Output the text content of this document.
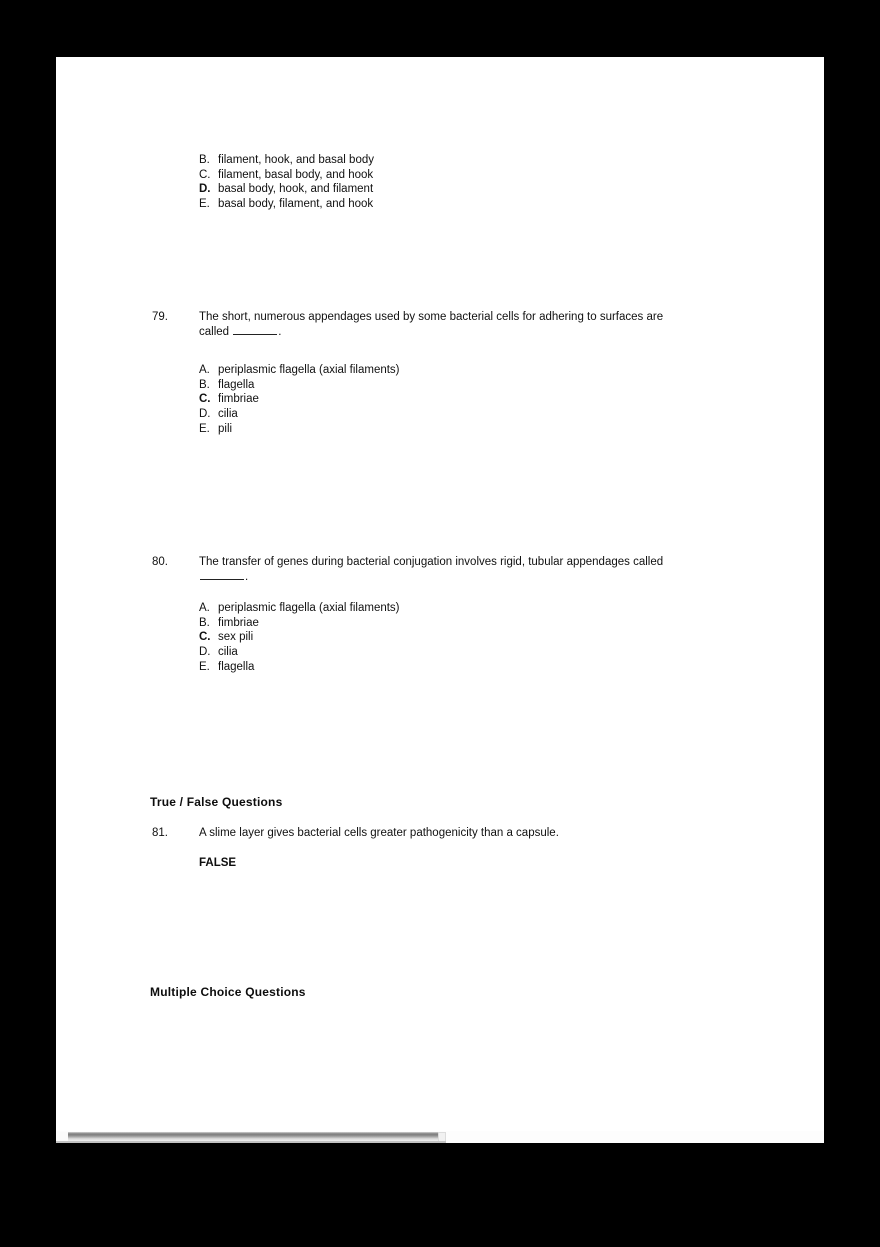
B. filament, hook, and basal body
C. filament, basal body, and hook
D. basal body, hook, and filament
E. basal body, filament, and hook
79.	The short, numerous appendages used by some bacterial cells for adhering to surfaces are
called	.
A. periplasmic flagella (axial filaments)
B. flagella
C. fimbriae
D. cilia
E. pili
80.	The transfer of genes during bacterial conjugation involves rigid, tubular appendages called
.
A. periplasmic flagella (axial filaments)
B. fimbriae
C. sex pili
D. cilia
E. flagella
True / False Questions
81.	A slime layer gives bacterial cells greater pathogenicity than a capsule.
FALSE
Multiple Choice Questions
